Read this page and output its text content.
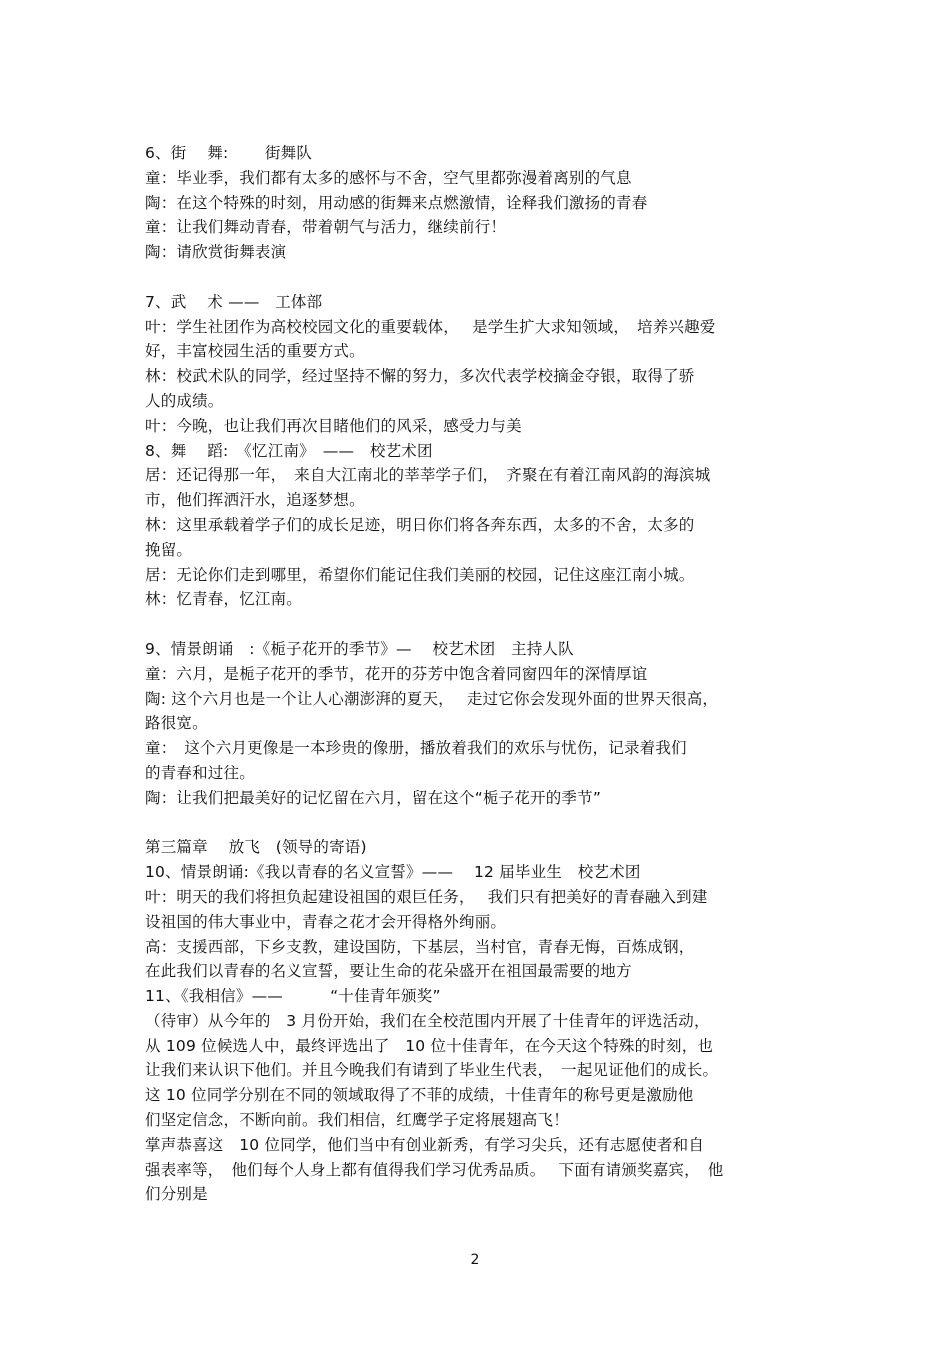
6、街　 舞:　　 街舞队
童：毕业季，我们都有太多的感怀与不舍，空气里都弥漫着离别的气息
陶：在这个特殊的时刻，用动感的街舞来点燃激情，诠释我们激扬的青春
童：让我们舞动青春，带着朝气与活力，继续前行！
陶：请欣赏街舞表演
7、武　 术 ——　工体部
叶：学生社团作为高校校园文化的重要载体，　 是学生扩大求知领域，　培养兴趣爱
好，丰富校园生活的重要方式。
林：校武术队的同学，经过坚持不懈的努力，多次代表学校摘金夺银，取得了骄
人的成绩。
叶：今晚，也让我们再次目睹他们的风采，感受力与美
8、舞　 蹈:　《忆江南》　——　校艺术团
居：还记得那一年，　来自大江南北的莘莘学子们，　齐聚在有着江南风韵的海滨城
市，他们挥洒汗水，追逐梦想。
林：这里承载着学子们的成长足迹，明日你们将各奔东西，太多的不舍，太多的
挽留。
居：无论你们走到哪里，希望你们能记住我们美丽的校园，记住这座江南小城。
林：忆青春，忆江南。
9、情景朗诵　:《栀子花开的季节》—　 校艺术团　主持人队
童：六月，是栀子花开的季节，花开的芬芳中饱含着同窗四年的深情厚谊
陶: 这个六月也是一个让人心潮澎湃的夏天，　 走过它你会发现外面的世界天很高，
路很宽。
童：　这个六月更像是一本珍贵的像册，播放着我们的欢乐与忧伤，记录着我们
的青春和过往。
陶：让我们把最美好的记忆留在六月，留在这个“栀子花开的季节”
第三篇章　 放飞　(领导的寄语)
10、情景朗诵:《我以青春的名义宣誓》——　 12 届毕业生　校艺术团
叶：明天的我们将担负起建设祖国的艰巨任务，　 我们只有把美好的青春融入到建
设祖国的伟大事业中，青春之花才会开得格外绚丽。
高：支援西部，下乡支教，建设国防，下基层，当村官，青春无悔，百炼成钢，
在此我们以青春的名义宣誓，要让生命的花朵盛开在祖国最需要的地方
11、《我相信》——　　　“十佳青年颁奖”
（待审）从今年的　3 月份开始，我们在全校范围内开展了十佳青年的评选活动，
从 109 位候选人中，最终评选出了　10 位十佳青年，在今天这个特殊的时刻，也
让我们来认识下他们。并且今晚我们有请到了毕业生代表，　一起见证他们的成长。
这 10 位同学分别在不同的领域取得了不菲的成绩，十佳青年的称号更是激励他
们坚定信念，不断向前。我们相信，红鹰学子定将展翅高飞！
掌声恭喜这　10 位同学，他们当中有创业新秀，有学习尖兵，还有志愿使者和自
强表率等，　他们每个人身上都有值得我们学习优秀品质。　 下面有请颁奖嘉宾，　他
们分别是
2
